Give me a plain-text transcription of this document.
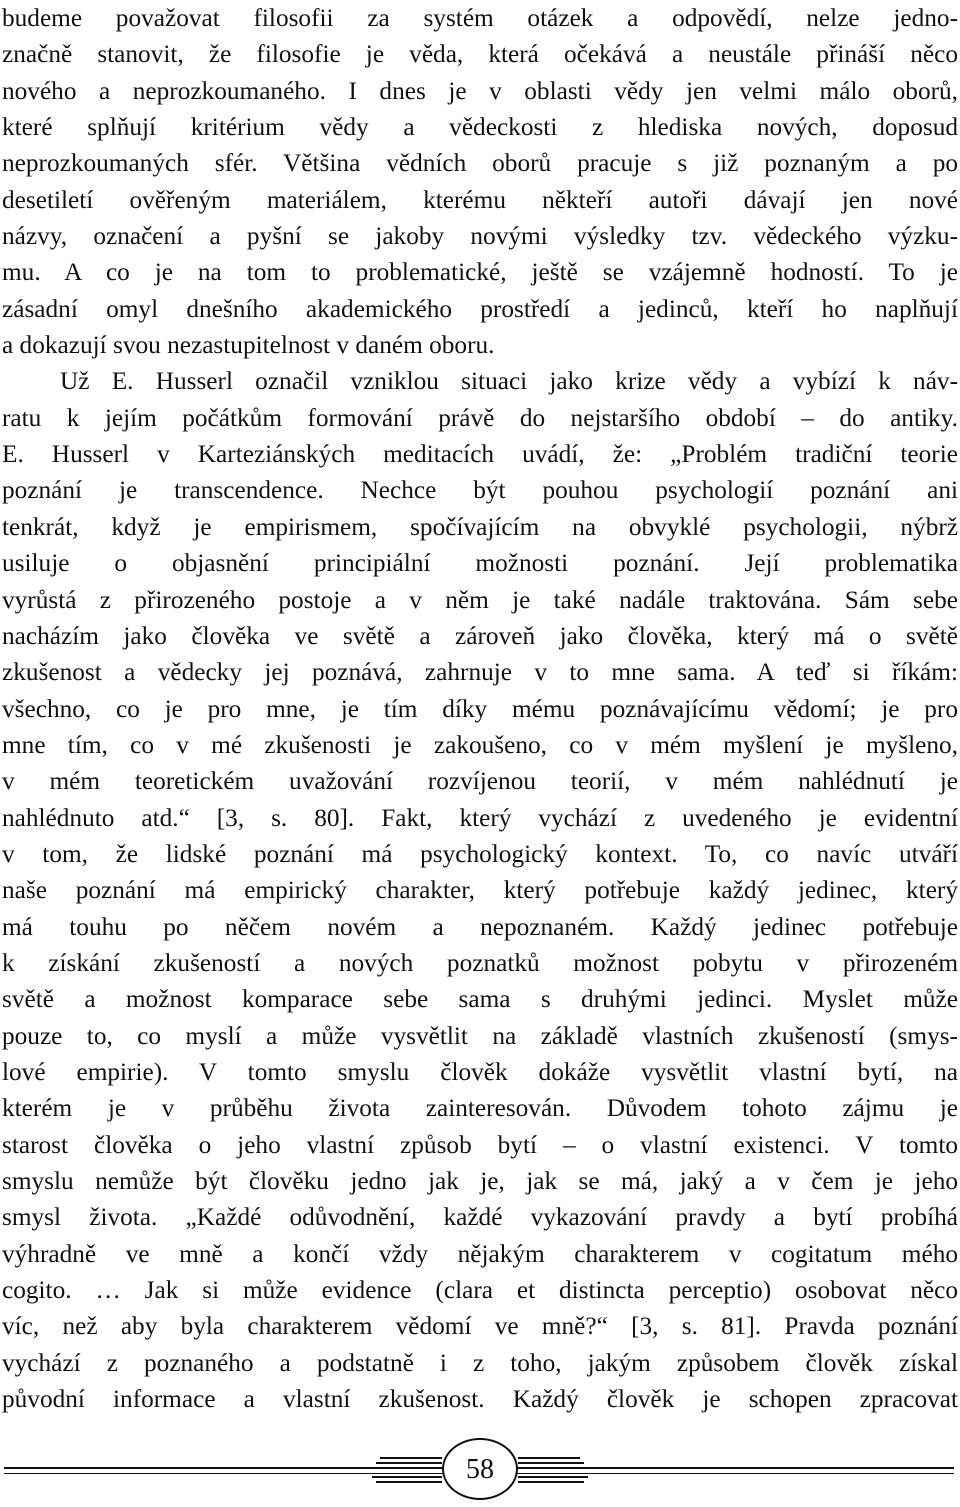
budeme považovat filosofii za systém otázek a odpovědí, nelze jedno-
značně stanovit, že filosofie je věda, která očekává a neustále přináší něco
nového a neprozkoumaného. I dnes je v oblasti vědy jen velmi málo oborů,
které splňují kritérium vědy a vědeckosti z hlediska nových, doposud
neprozkoumaných sfér. Většina vědních oborů pracuje s již poznaným a po
desetiletí ověřeným materiálem, kterému někteří autoři dávají jen nové
názvy, označení a pyšní se jakoby novými výsledky tzv. vědeckého výzku-
mu. A co je na tom to problematické, ještě se vzájemně hodností. To je
zásadní omyl dnešního akademického prostředí a jedinců, kteří ho naplňují
a dokazují svou nezastupitelnost v daném oboru.
Už E. Husserl označil vzniklou situaci jako krize vědy a vybízí k náv-
ratu k jejím počátkům formování právě do nejstaršího období – do antiky.
E. Husserl v Karteziánských meditacích uvádí, že: „Problém tradiční teorie
poznání je transcendence. Nechce být pouhou psychologií poznání ani
tenkrát, když je empirismem, spočívajícím na obvyklé psychologii, nýbrž
usiluje o objasnění principiální možnosti poznání. Její problematika
vyrůstá z přirozeného postoje a v něm je také nadále traktována. Sám sebe
nacházím jako člověka ve světě a zároveň jako člověka, který má o světě
zkušenost a vědecky jej poznává, zahrnuje v to mne sama. A teď si říkám:
všechno, co je pro mne, je tím díky mému poznávajícímu vědomí; je pro
mne tím, co v mé zkušenosti je zakoušeno, co v mém myšlení je myšleno,
v mém teoretickém uvažování rozvíjenou teorií, v mém nahlédnutí je
nahlédnuto atd.“ [3, s. 80]. Fakt, který vychází z uvedeného je evidentní
v tom, že lidské poznání má psychologický kontext. To, co navíc utváří
naše poznání má empirický charakter, který potřebuje každý jedinec, který
má touhu po něčem novém a nepoznaném. Každý jedinec potřebuje
k získání zkušeností a nových poznatků možnost pobytu v přirozeném
světě a možnost komparace sebe sama s druhými jedinci. Myslet může
pouze to, co myslí a může vysvětlit na základě vlastních zkušeností (smys-
lové empirie). V tomto smyslu člověk dokáže vysvětlit vlastní bytí, na
kterém je v průběhu života zainteresován. Důvodem tohoto zájmu je
starost člověka o jeho vlastní způsob bytí – o vlastní existenci. V tomto
smyslu nemůže být člověku jedno jak je, jak se má, jaký a v čem je jeho
smysl života. „Každé odůvodnění, každé vykazování pravdy a bytí probíhá
výhradně ve mně a končí vždy nějakým charakterem v cogitatum mého
cogito. … Jak si může evidence (clara et distincta perceptio) osobovat něco
víc, než aby byla charakterem vědomí ve mně?“ [3, s. 81]. Pravda poznání
vychází z poznaného a podstatně i z toho, jakým způsobem člověk získal
původní informace a vlastní zkušenost. Každý člověk je schopen zpracovat
58
